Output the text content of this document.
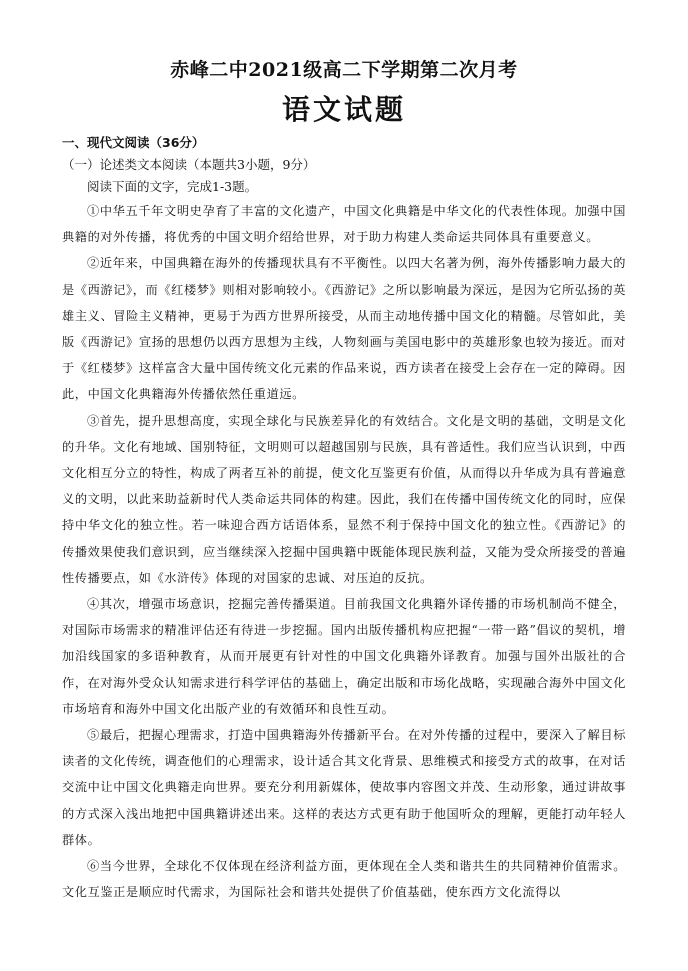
赤峰二中2021级高二下学期第二次月考
语文试题

一、现代文阅读（36分）

（一）论述类文本阅读（本题共3小题，9分）

阅读下面的文字，完成1-3题。

①中华五千年文明史孕育了丰富的文化遗产，中国文化典籍是中华文化的代表性体现。加强中国典籍的对外传播，将优秀的中国文明介绍给世界，对于助力构建人类命运共同体具有重要意义。

②近年来，中国典籍在海外的传播现状具有不平衡性。以四大名著为例，海外传播影响力最大的是《西游记》，而《红楼梦》则相对影响较小。《西游记》之所以影响最为深远，是因为它所弘扬的英雄主义、冒险主义精神，更易于为西方世界所接受，从而主动地传播中国文化的精髓。尽管如此，美版《西游记》宣扬的思想仍以西方思想为主线，人物刻画与美国电影中的英雄形象也较为接近。而对于《红楼梦》这样富含大量中国传统文化元素的作品来说，西方读者在接受上会存在一定的障碍。因此，中国文化典籍海外传播依然任重道远。

③首先，提升思想高度，实现全球化与民族差异化的有效结合。文化是文明的基础，文明是文化的升华。文化有地域、国别特征，文明则可以超越国别与民族，具有普适性。我们应当认识到，中西文化相互分立的特性，构成了两者互补的前提，使文化互鉴更有价值，从而得以升华成为具有普遍意义的文明，以此来助益新时代人类命运共同体的构建。因此，我们在传播中国传统文化的同时，应保持中华文化的独立性。若一味迎合西方话语体系，显然不利于保持中国文化的独立性。《西游记》的传播效果使我们意识到，应当继续深入挖掘中国典籍中既能体现民族利益，又能为受众所接受的普遍性传播要点，如《水浒传》体现的对国家的忠诚、对压迫的反抗。

④其次，增强市场意识，挖掘完善传播渠道。目前我国文化典籍外译传播的市场机制尚不健全，对国际市场需求的精准评估还有待进一步挖掘。国内出版传播机构应把握“一带一路”倡议的契机，增加沿线国家的多语种教育，从而开展更有针对性的中国文化典籍外译教育。加强与国外出版社的合作，在对海外受众认知需求进行科学评估的基础上，确定出版和市场化战略，实现融合海外中国文化市场培育和海外中国文化出版产业的有效循环和良性互动。

⑤最后，把握心理需求，打造中国典籍海外传播新平台。在对外传播的过程中，要深入了解目标读者的文化传统，调查他们的心理需求，设计适合其文化背景、思维模式和接受方式的故事，在对话交流中让中国文化典籍走向世界。要充分利用新媒体，使故事内容图文并茂、生动形象，通过讲故事的方式深入浅出地把中国典籍讲述出来。这样的表达方式更有助于他国听众的理解，更能打动年轻人群体。

⑥当今世界，全球化不仅体现在经济利益方面，更体现在全人类和谐共生的共同精神价值需求。文化互鉴正是顺应时代需求，为国际社会和谐共处提供了价值基础，使东西方文化流得以
